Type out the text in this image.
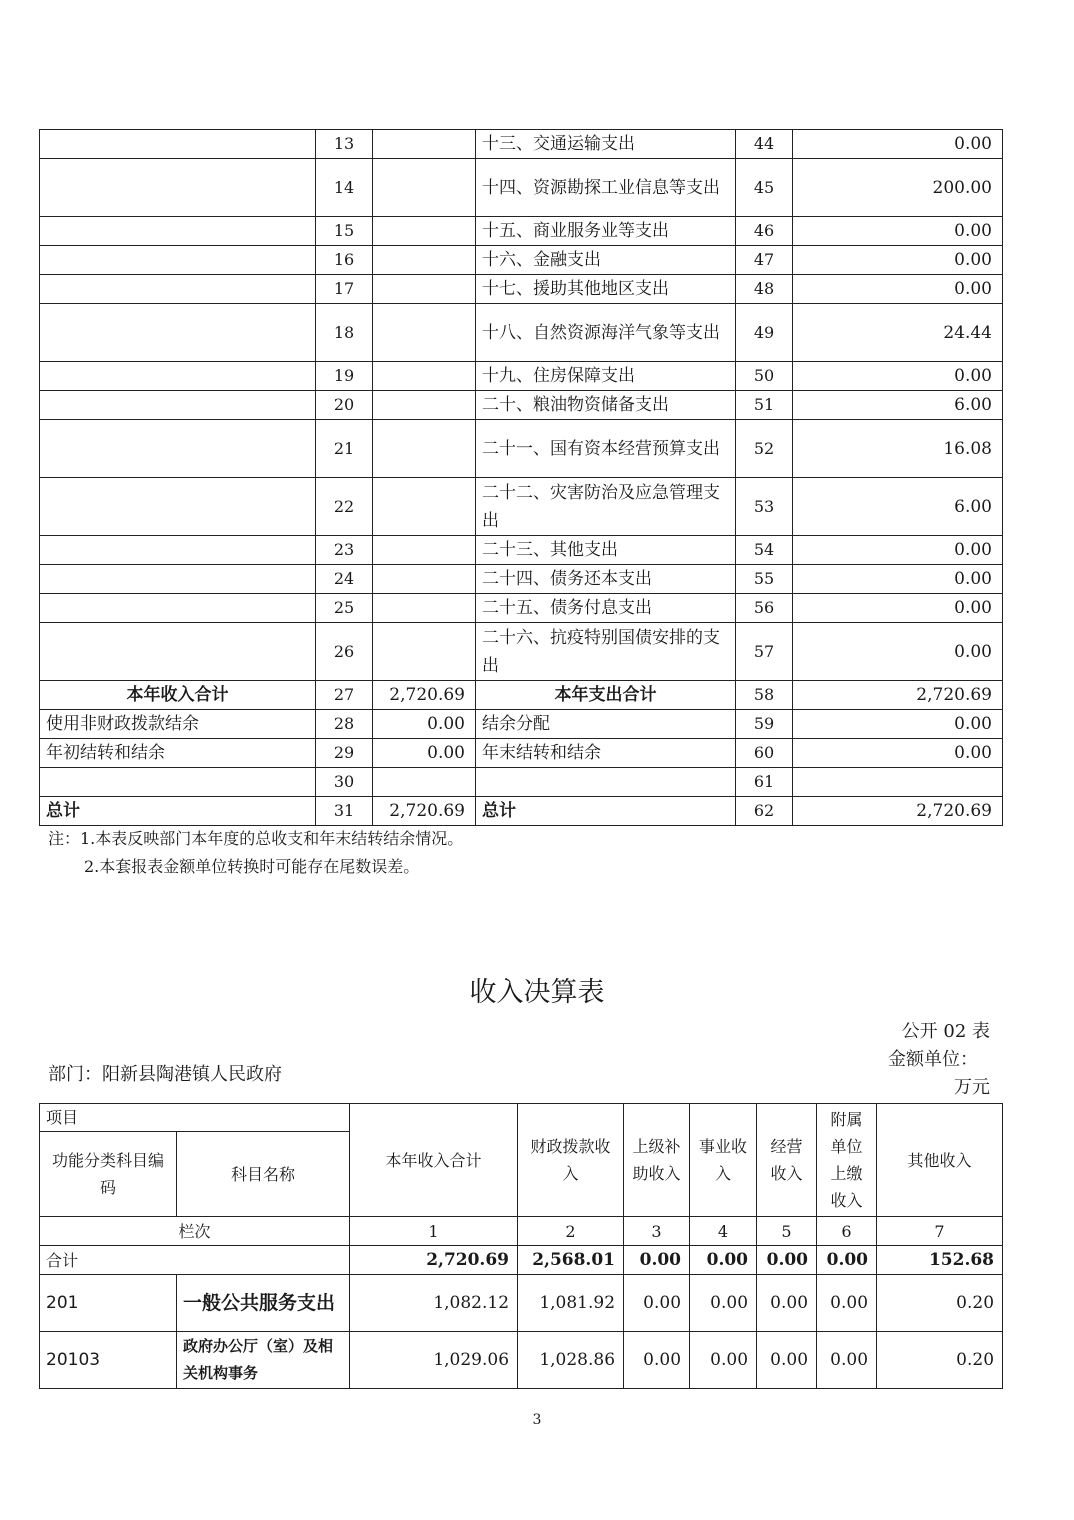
	13		十三、交通运输支出	44	0.00
	14		十四、资源勘探工业信息等支出	45	200.00
	15		十五、商业服务业等支出	46	0.00
	16		十六、金融支出	47	0.00
	17		十七、援助其他地区支出	48	0.00
	18		十八、自然资源海洋气象等支出	49	24.44
	19		十九、住房保障支出	50	0.00
	20		二十、粮油物资储备支出	51	6.00
	21		二十一、国有资本经营预算支出	52	16.08
	22		二十二、灾害防治及应急管理支出	53	6.00
	23		二十三、其他支出	54	0.00
	24		二十四、债务还本支出	55	0.00
	25		二十五、债务付息支出	56	0.00
	26		二十六、抗疫特别国债安排的支出	57	0.00
本年收入合计	27	2,720.69	本年支出合计	58	2,720.69
使用非财政拨款结余	28	0.00	结余分配	59	0.00
年初结转和结余	29	0.00	年末结转和结余	60	0.00
	30			61	
总计	31	2,720.69	总计	62	2,720.69
注：1.本表反映部门本年度的总收支和年末结转结余情况。
2.本套报表金额单位转换时可能存在尾数误差。
收入决算表
公开 02 表
金额单位：
万元
部门：阳新县陶港镇人民政府
项目		本年收入合计	财政拨款收入	上级补助收入	事业收入	经营收入	附属单位上缴收入	其他收入
功能分类科目编码	科目名称							
栏次		1	2	3	4	5	6	7
合计		2,720.69	2,568.01	0.00	0.00	0.00	0.00	152.68
201	一般公共服务支出	1,082.12	1,081.92	0.00	0.00	0.00	0.00	0.20
20103	政府办公厅（室）及相关机构事务	1,029.06	1,028.86	0.00	0.00	0.00	0.00	0.20
3
